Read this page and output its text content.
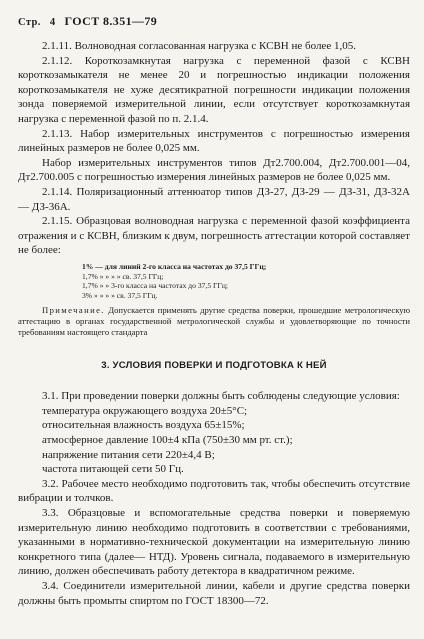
Стр. 4 ГОСТ 8.351—79

2.1.11. Волноводная согласованная нагрузка с КСВН не более 1,05.

2.1.12. Короткозамкнутая нагрузка с переменной фазой с КСВН короткозамыкателя не менее 20 и погрешностью индикации положения короткозамыкателя не хуже десятикратной погрешности индикации положения зонда поверяемой измерительной линии, если отсутствует короткозамкнутая нагрузка с переменной фазой по п. 2.1.4.

2.1.13. Набор измерительных инструментов с погрешностью измерения линейных размеров не более 0,025 мм.

Набор измерительных инструментов типов Дт2.700.004, Дт2.700.001—04, Дт2.700.005 с погрешностью измерения линейных размеров не более 0,025 мм.

2.1.14. Поляризационный аттенюатор типов ДЗ-27, ДЗ-29 — ДЗ-31, ДЗ-32А — ДЗ-36А.

2.1.15. Образцовая волноводная нагрузка с переменной фазой коэффициента отражения и с КСВН, близким к двум, погрешность аттестации которой составляет не более:

1% — для линий 2-го класса на частотах до 37,5 ГГц;
1,7% » » » » св. 37,5 ГГц;
1,7% » » 3-го класса на частотах до 37,5 ГГц;
3% » » » » св. 37,5 ГГц.

Примечание. Допускается применять другие средства поверки, прошедшие метрологическую аттестацию в органах государственной метрологической службы и удовлетворяющие по точности требованиям настоящего стандарта

3. УСЛОВИЯ ПОВЕРКИ И ПОДГОТОВКА К НЕЙ

3.1. При проведении поверки должны быть соблюдены следующие условия:

температура окружающего воздуха 20±5°С;

относительная влажность воздуха 65±15%;

атмосферное давление 100±4 кПа (750±30 мм рт. ст.);

напряжение питания сети 220±4,4 В;

частота питающей сети 50 Гц.

3.2. Рабочее место необходимо подготовить так, чтобы обеспечить отсутствие вибрации и толчков.

3.3. Образцовые и вспомогательные средства поверки и поверяемую измерительную линию необходимо подготовить в соответствии с требованиями, указанными в нормативно-технической документации на измерительную линию конкретного типа (далее— НТД). Уровень сигнала, подаваемого в измерительную линию, должен обеспечивать работу детектора в квадратичном режиме.

3.4. Соединители измерительной линии, кабели и другие средства поверки должны быть промыты спиртом по ГОСТ 18300—72.
